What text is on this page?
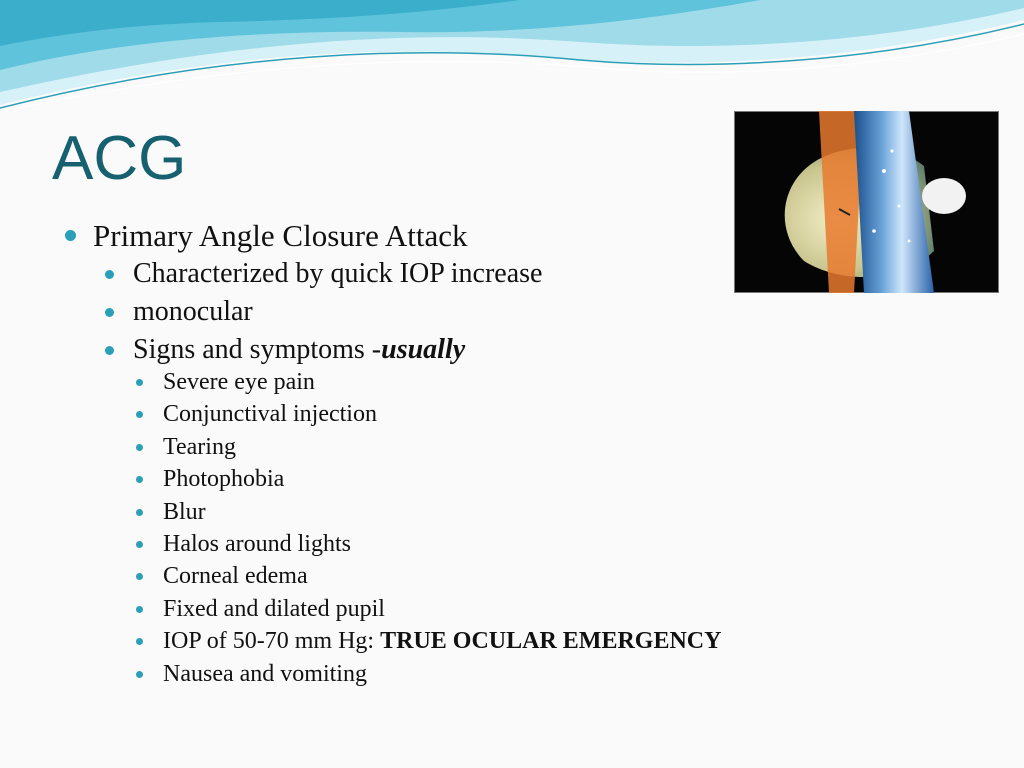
ACG
Primary Angle Closure Attack
Characterized by quick IOP increase
monocular
Signs and symptoms -usually
Severe eye pain
Conjunctival injection
Tearing
Photophobia
Blur
Halos around lights
Corneal edema
Fixed and dilated pupil
IOP of 50-70 mm Hg: TRUE OCULAR EMERGENCY
Nausea and vomiting
